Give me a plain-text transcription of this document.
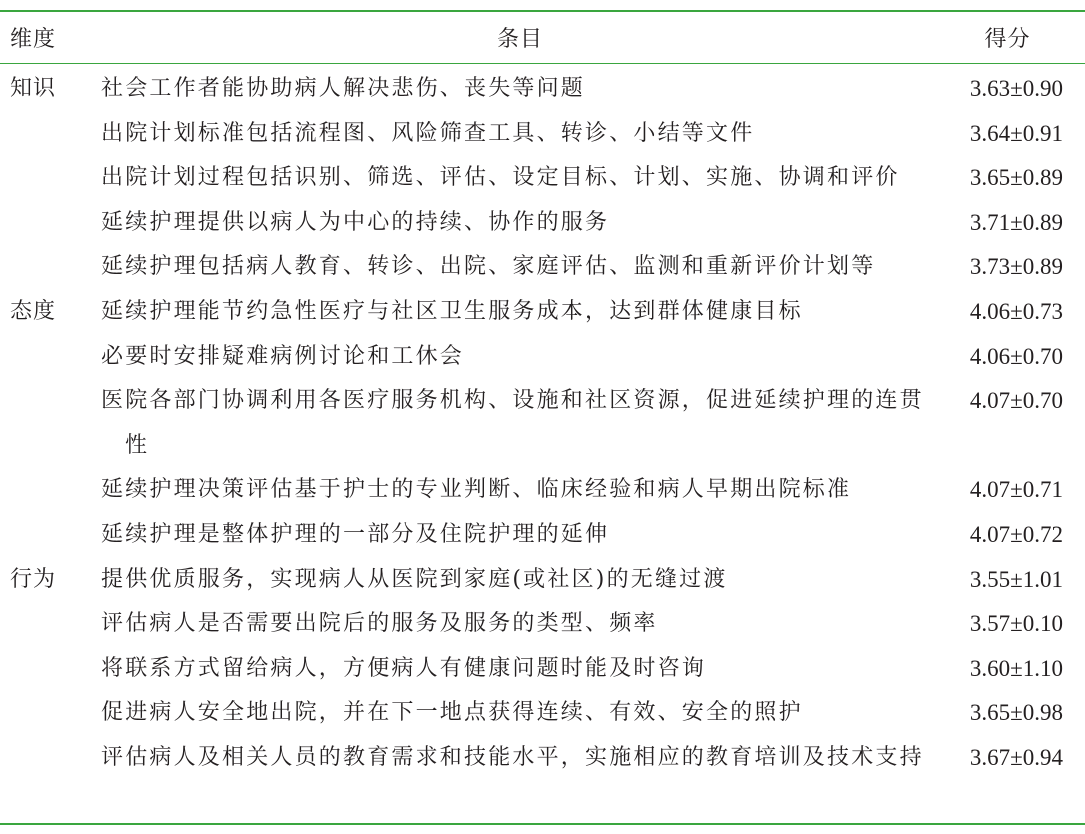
维度	条目	得分
知识	社会工作者能协助病人解决悲伤、丧失等问题	3.63±0.90

	出院计划标准包括流程图、风险筛查工具、转诊、小结等文件	3.64±0.91

	出院计划过程包括识别、筛选、评估、设定目标、计划、实施、协调和评价	3.65±0.89

	延续护理提供以病人为中心的持续、协作的服务	3.71±0.89

	延续护理包括病人教育、转诊、出院、家庭评估、监测和重新评价计划等	3.73±0.89
态度	延续护理能节约急性医疗与社区卫生服务成本，达到群体健康目标	4.06±0.73

	必要时安排疑难病例讨论和工休会	4.06±0.70

	医院各部门协调利用各医疗服务机构、设施和社区资源，促进延续护理的连贯性	4.07±0.70

	延续护理决策评估基于护士的专业判断、临床经验和病人早期出院标准	4.07±0.71

	延续护理是整体护理的一部分及住院护理的延伸	4.07±0.72
行为	提供优质服务，实现病人从医院到家庭(或社区)的无缝过渡	3.55±1.01

	评估病人是否需要出院后的服务及服务的类型、频率	3.57±0.10

	将联系方式留给病人，方便病人有健康问题时能及时咨询	3.60±1.10

	促进病人安全地出院，并在下一地点获得连续、有效、安全的照护	3.65±0.98

	评估病人及相关人员的教育需求和技能水平，实施相应的教育培训及技术支持	3.67±0.94
